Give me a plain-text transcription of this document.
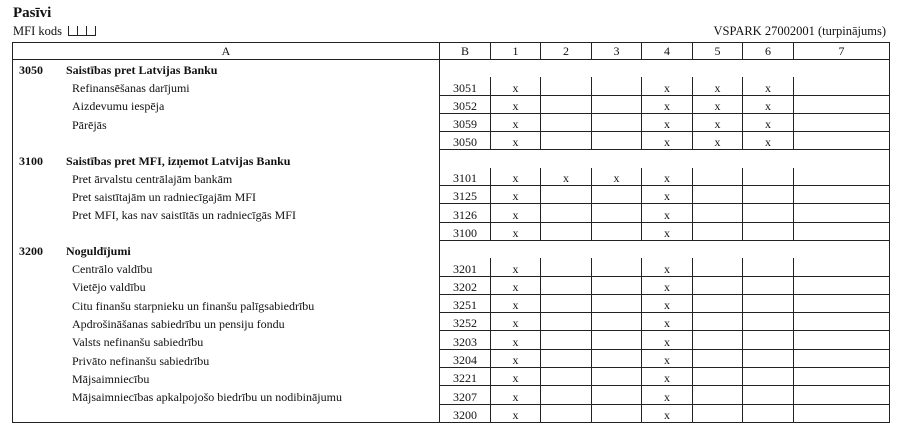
Pasīvi
MFI kods	VSPARK 27002001 (turpinājums)
A	B	1	2	3	4	5	6	7
3050 Saistības pret Latvijas Banku								
Refinansēšanas darījumi	3051	x			x	x	x	
Aizdevumu iespēja	3052	x			x	x	x	
Pārējās	3059	x			x	x	x	
	3050	x			x	x	x	
3100 Saistības pret MFI, izņemot Latvijas Banku								
Pret ārvalstu centrālajām bankām	3101	x	x	x	x			
Pret saistītajām un radniecīgajām MFI	3125	x			x			
Pret MFI, kas nav saistītās un radniecīgās MFI	3126	x			x			
	3100	x			x			
3200 Noguldījumi								
Centrālo valdību	3201	x			x			
Vietējo valdību	3202	x			x			
Citu finanšu starpnieku un finanšu palīgsabiedrību	3251	x			x			
Apdrošināšanas sabiedrību un pensiju fondu	3252	x			x			
Valsts nefinanšu sabiedrību	3203	x			x			
Privāto nefinanšu sabiedrību	3204	x			x			
Mājsaimniecību	3221	x			x			
Mājsaimniecības apkalpojošo biedrību un nodibinājumu	3207	x			x			
	3200	x			x			
